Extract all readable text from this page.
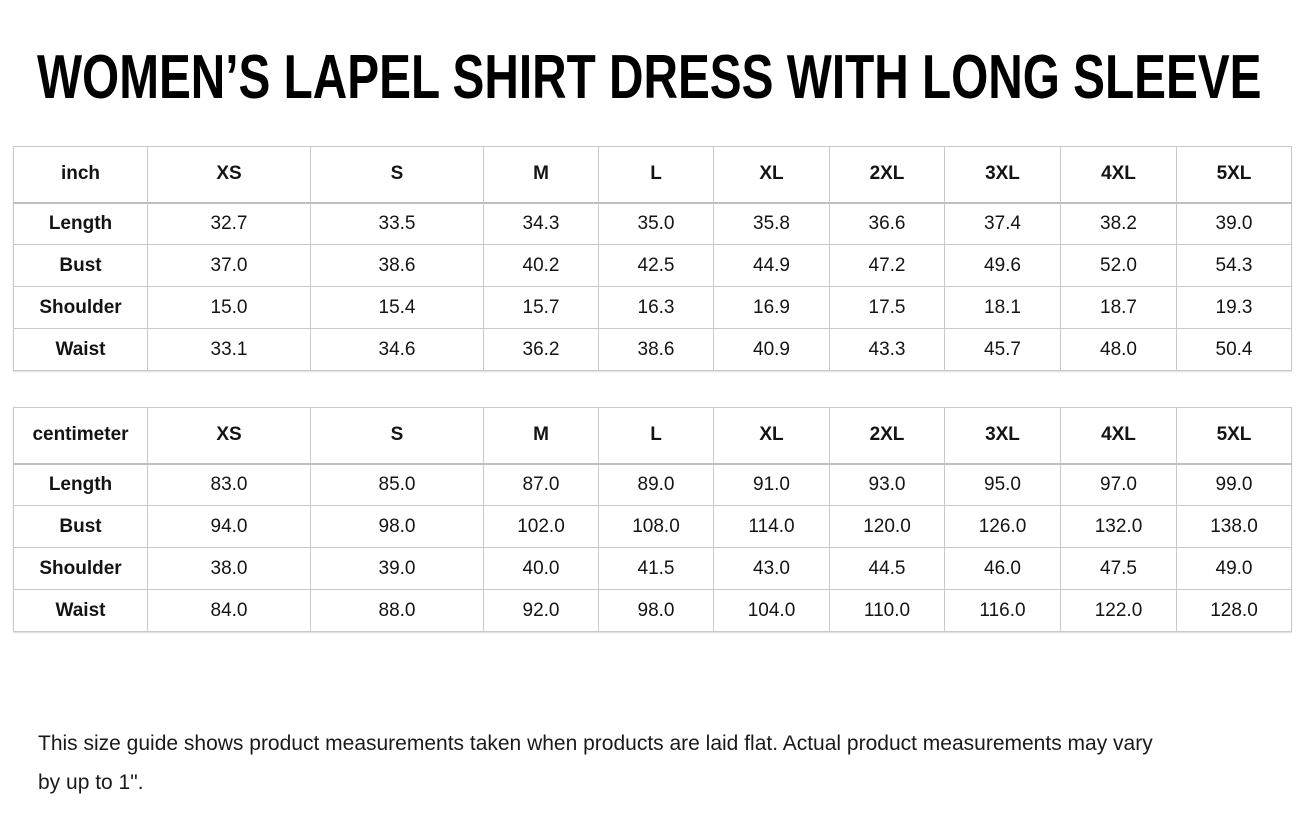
WOMEN’S LAPEL SHIRT DRESS WITH LONG SLEEVE
inch	XS	S	M	L	XL	2XL	3XL	4XL	5XL
Length	32.7	33.5	34.3	35.0	35.8	36.6	37.4	38.2	39.0
Bust	37.0	38.6	40.2	42.5	44.9	47.2	49.6	52.0	54.3
Shoulder	15.0	15.4	15.7	16.3	16.9	17.5	18.1	18.7	19.3
Waist	33.1	34.6	36.2	38.6	40.9	43.3	45.7	48.0	50.4
centimeter	XS	S	M	L	XL	2XL	3XL	4XL	5XL
Length	83.0	85.0	87.0	89.0	91.0	93.0	95.0	97.0	99.0
Bust	94.0	98.0	102.0	108.0	114.0	120.0	126.0	132.0	138.0
Shoulder	38.0	39.0	40.0	41.5	43.0	44.5	46.0	47.5	49.0
Waist	84.0	88.0	92.0	98.0	104.0	110.0	116.0	122.0	128.0

This size guide shows product measurements taken when products are laid flat. Actual product measurements may vary by up to 1".
